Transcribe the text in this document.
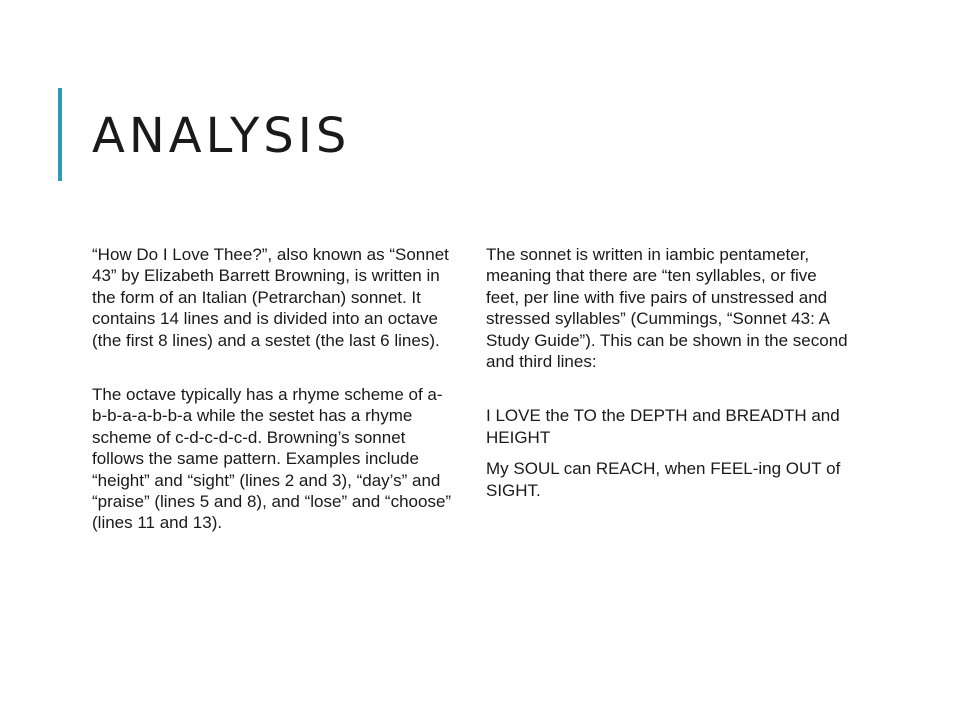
ANALYSIS

“How Do I Love Thee?”, also known as “Sonnet 43” by Elizabeth Barrett Browning, is written in the form of an Italian (Petrarchan) sonnet. It contains 14 lines and is divided into an octave (the first 8 lines) and a sestet (the last 6 lines).

The octave typically has a rhyme scheme of a-b-b-a-a-b-b-a while the sestet has a rhyme scheme of c-d-c-d-c-d. Browning’s sonnet follows the same pattern. Examples include “height” and “sight” (lines 2 and 3), “day’s” and “praise” (lines 5 and 8), and “lose” and “choose” (lines 11 and 13).

The sonnet is written in iambic pentameter, meaning that there are “ten syllables, or five feet, per line with five pairs of unstressed and stressed syllables” (Cummings, “Sonnet 43: A Study Guide”). This can be shown in the second and third lines:

I LOVE the TO the DEPTH and BREADTH and HEIGHT

My SOUL can REACH, when FEEL-ing OUT of SIGHT.
